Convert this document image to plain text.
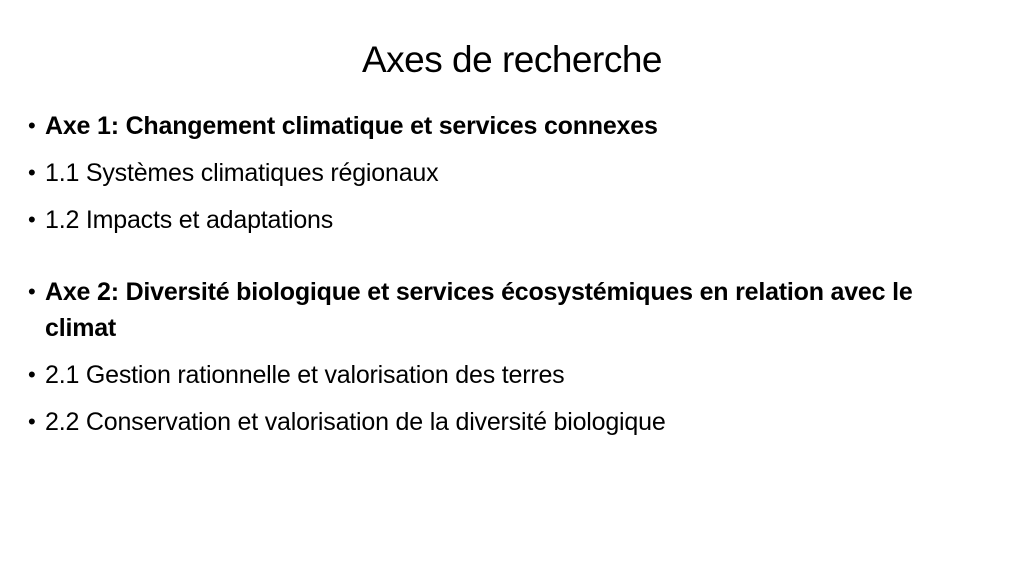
Axes de recherche
• Axe 1: Changement climatique et services connexes
• 1.1 Systèmes climatiques régionaux
• 1.2 Impacts et adaptations
• Axe 2: Diversité biologique et services écosystémiques en relation avec le climat
• 2.1 Gestion rationnelle et valorisation des terres
• 2.2 Conservation et valorisation de la diversité biologique
